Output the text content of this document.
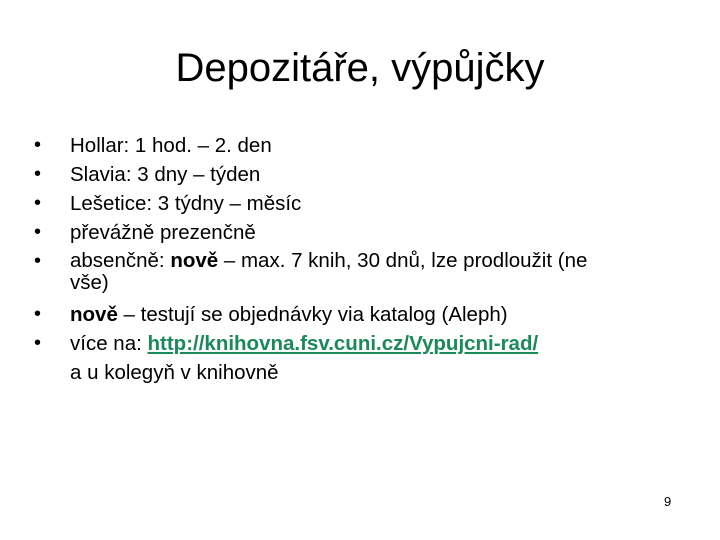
Depozitáře, výpůjčky
•	Hollar: 1 hod. – 2. den
•	Slavia: 3 dny – týden
•	Lešetice: 3 týdny – měsíc
•	převážně prezenčně
•	absenčně: nově – max. 7 knih, 30 dnů, lze prodloužit (ne
vše)
•	nově – testují se objednávky via katalog (Aleph)
•	více na: http://knihovna.fsv.cuni.cz/Vypujcni-rad/
a u kolegyň v knihovně
9
